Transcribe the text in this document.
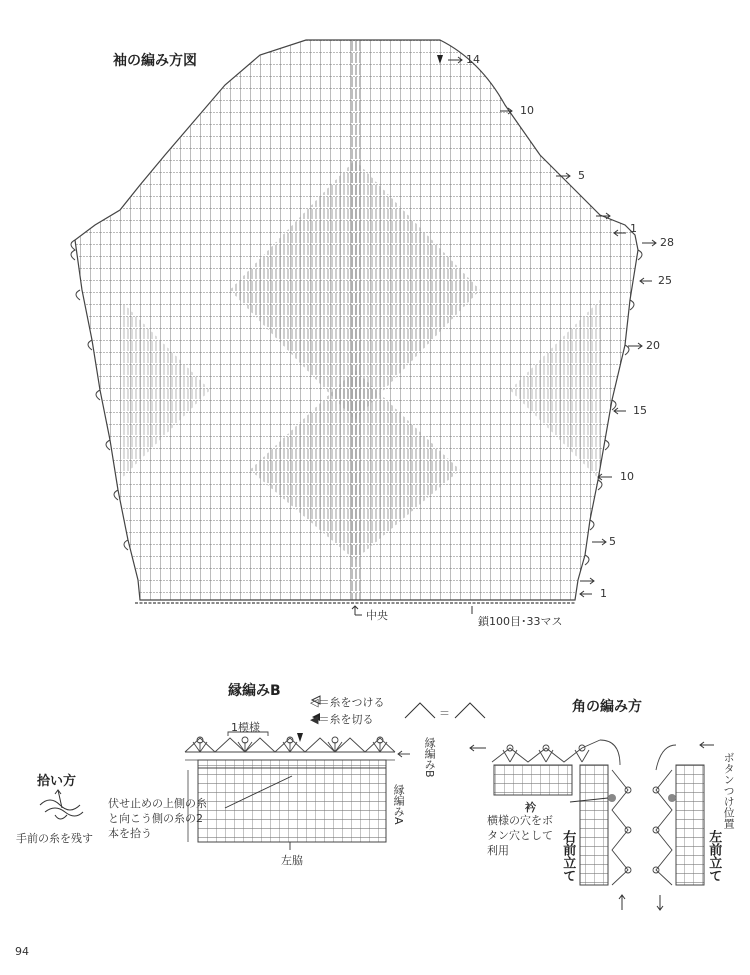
袖の編み方図	14
10
5
1
28
25
20
15
10
5
1
中央	鎖100目･33マス
縁編みB
1模様
縁編みB
縁編みA
左脇
伏せ止めの上側の糸と向こう側の糸の2本を拾う
◁＝糸をつける
◀＝糸を切る	＝
拾い方
手前の糸を残す
角の編み方
衿
横様の穴をボタン穴として利用	右前立て	左前立て
ボタンつけ位置
94
